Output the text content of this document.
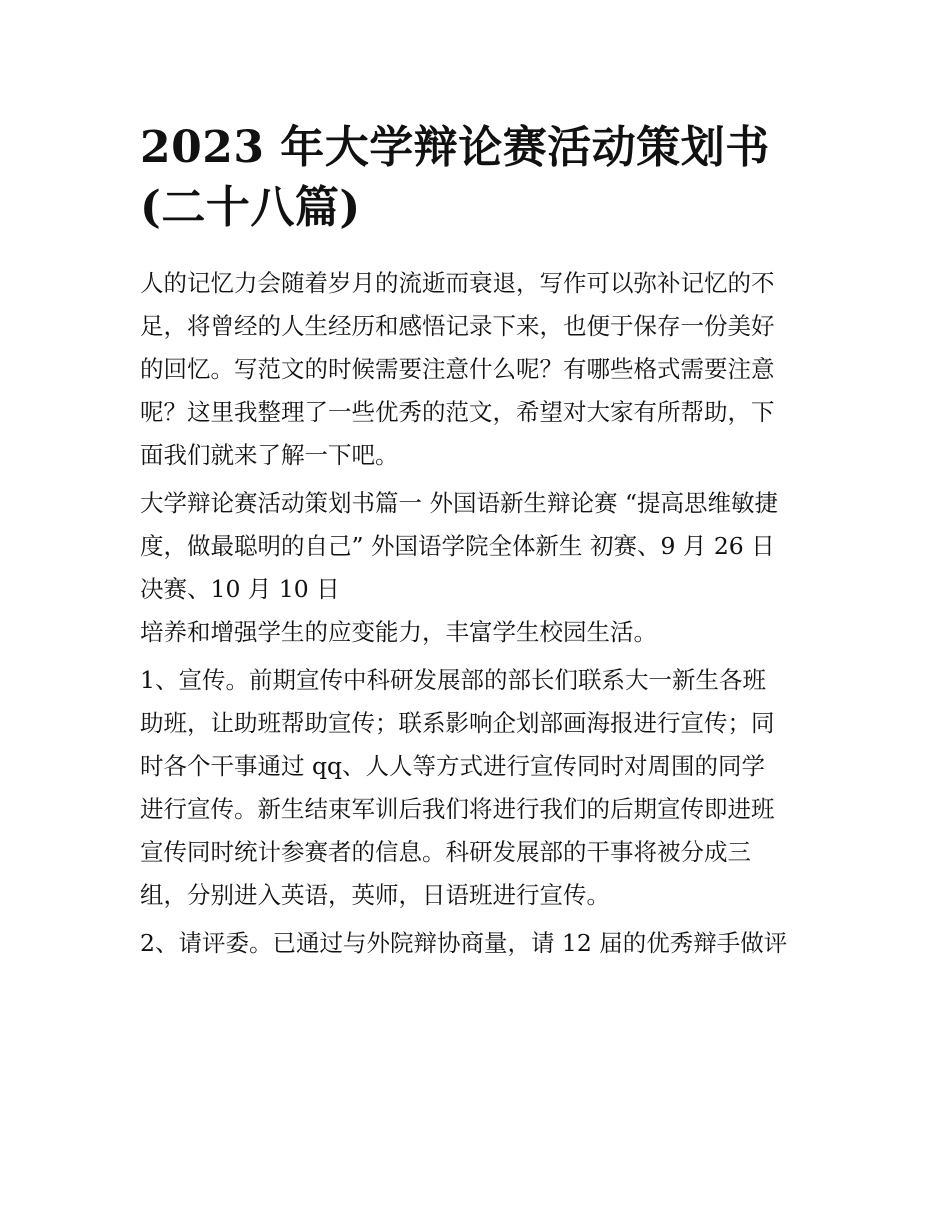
2023 年大学辩论赛活动策划书
(二十八篇)
人的记忆力会随着岁月的流逝而衰退，写作可以弥补记忆的不
足，将曾经的人生经历和感悟记录下来，也便于保存一份美好
的回忆。写范文的时候需要注意什么呢？有哪些格式需要注意
呢？这里我整理了一些优秀的范文，希望对大家有所帮助，下
面我们就来了解一下吧。
大学辩论赛活动策划书篇一 外国语新生辩论赛 “提高思维敏捷
度，做最聪明的自己” 外国语学院全体新生 初赛、9 月 26 日
决赛、10 月 10 日
培养和增强学生的应变能力，丰富学生校园生活。
1、宣传。前期宣传中科研发展部的部长们联系大一新生各班
助班，让助班帮助宣传；联系影响企划部画海报进行宣传；同
时各个干事通过 qq、人人等方式进行宣传同时对周围的同学
进行宣传。新生结束军训后我们将进行我们的后期宣传即进班
宣传同时统计参赛者的信息。科研发展部的干事将被分成三
组，分别进入英语，英师，日语班进行宣传。
2、请评委。已通过与外院辩协商量，请 12 届的优秀辩手做评
